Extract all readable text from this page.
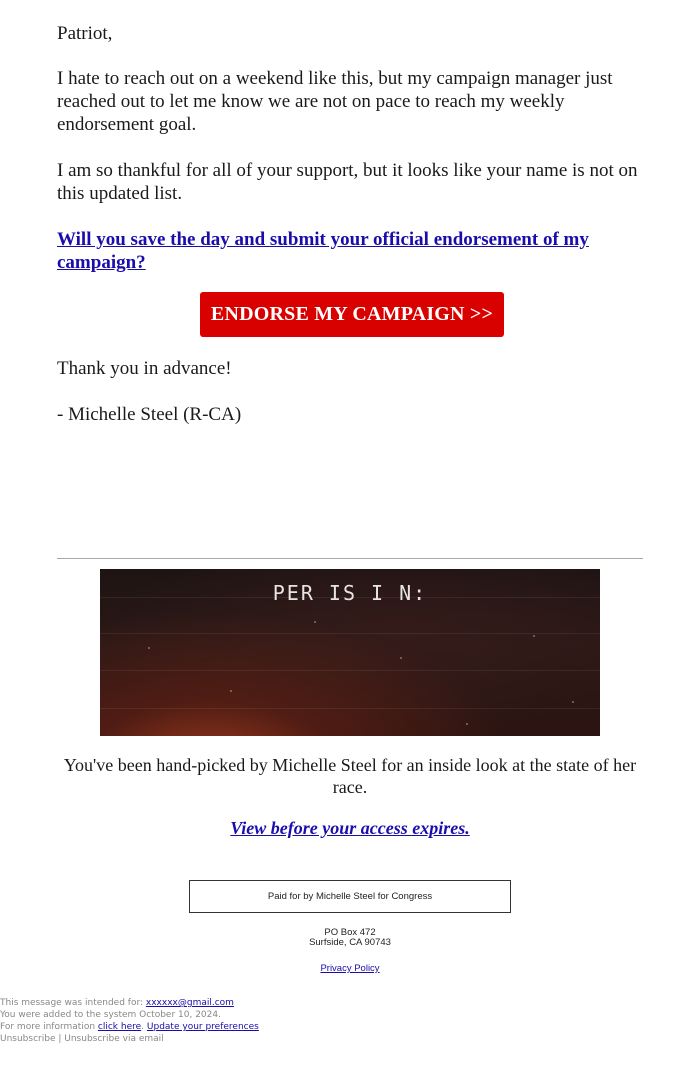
Patriot,

I hate to reach out on a weekend like this, but my campaign manager just reached out to let me know we are not on pace to reach my weekly endorsement goal.

I am so thankful for all of your support, but it looks like your name is not on this updated list.

Will you save the day and submit your official endorsement of my campaign?
ENDORSE MY CAMPAIGN >>

Thank you in advance!

- Michelle Steel (R-CA)

PER IS I N:
You've been hand-picked by Michelle Steel for an inside look at the state of her race.
View before your access expires.
Paid for by Michelle Steel for Congress
PO Box 472
Surfside, CA 90743
Privacy Policy
This message was intended for: xxxxxx@gmail.com
You were added to the system October 10, 2024.
For more information click here. Update your preferences
Unsubscribe | Unsubscribe via email
